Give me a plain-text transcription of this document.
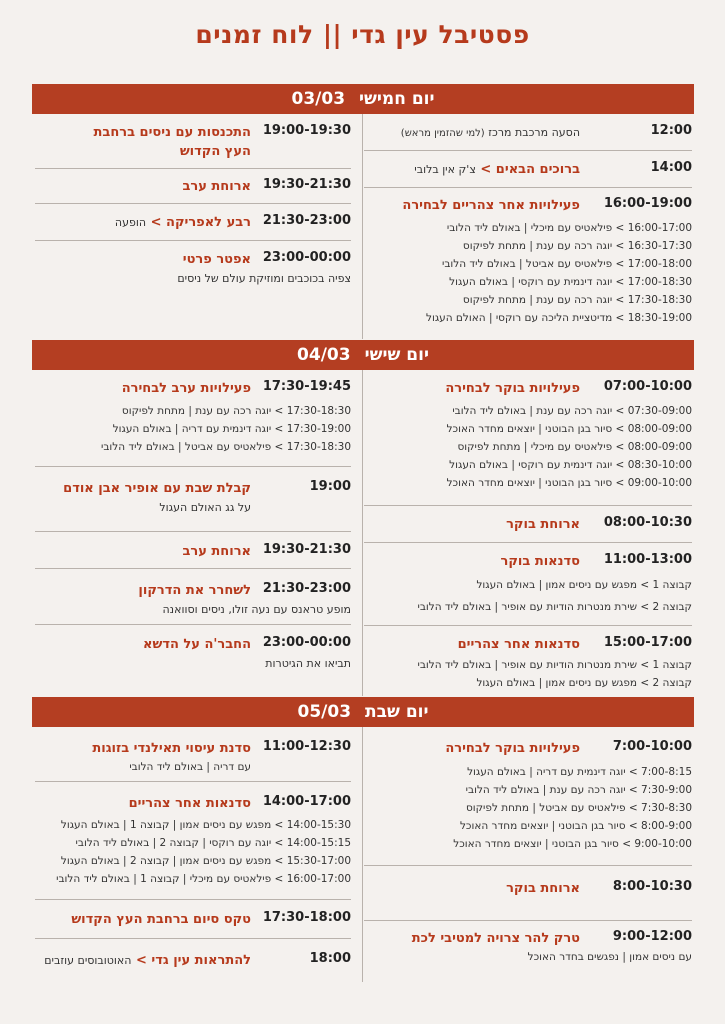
פסטיבל עין גדי || לוח זמנים
יום חמישי
03/03
12:00
הסעה מרכבת מרכז (למי שהזמין מראש)
14:00
ברוכים הבאים > צ'ק אין בלובי
16:00-19:00
פעילויות אחר צהריים לבחירה
16:00-17:00 > פילאטיס עם מיכלי | באולם ליד הלובי
16:30-17:30 > יוגה רכה עם ענת | מתחת לפיקוס
17:00-18:00 > פילאטיס עם אביטל | באולם ליד הלובי
17:00-18:30 > יוגה דינמית עם רוקסי | באולם העגול
17:30-18:30 > יוגה רכה עם ענת | מתחת לפיקוס
18:30-19:00 > מדיטציית הליכה עם רוקסי | האולם העגול
19:00-19:30
התכנסות עם ניסים ברחבת העץ הקדוש
19:30-21:30
ארוחת ערב
21:30-23:00
רבע לאפריקה > הופעה
23:00-00:00
אפטר פרטי
צפיה בכוכבים ומוזיקת עולם של ניסים
יום שישי
04/03
07:00-10:00
פעילויות בוקר לבחירה
07:30-09:00 > יוגה רכה עם ענת | באולם ליד הלובי
08:00-09:00 > סיור בגן הבוטני | יוצאים מחדר האוכל
08:00-09:00 > פילאטיס עם מיכלי | מתחת לפיקוס
08:30-10:00 > יוגה דינמית עם רוקסי | באולם העגול
09:00-10:00 > סיור בגן הבוטני | יוצאים מחדר האוכל
08:00-10:30
ארוחת בוקר
11:00-13:00
סדנאות בוקר
קבוצה 1 > מפגש עם ניסים אמון | באולם העגול
קבוצה 2 > שירת מנטרות הודיות עם אופיר | באולם ליד הלובי
15:00-17:00
סדנאות אחר צהריים
קבוצה 1 > שירת מנטרות הודיות עם אופיר | באולם ליד הלובי
קבוצה 2 > מפגש עם ניסים אמון | באולם העגול
17:30-19:45
פעילויות ערב לבחירה
17:30-18:30 > יוגה רכה עם ענת | מתחת לפיקוס
17:30-19:00 > יוגה דינמית עם דריה | באולם העגול
17:30-18:30 > פילאטיס עם אביטל | באולם ליד הלובי
19:00
קבלת שבת עם אופיר אבן אודם
על גג האולם העגול
19:30-21:30
ארוחת ערב
21:30-23:00
לשחרר את הדרקון
מופע טראנס עם נעה זולו, ניסים וסוואנה
23:00-00:00
החבר'ה על הדשא
תביאו את הגיטרות
יום שבת
05/03
7:00-10:00
פעילויות בוקר לבחירה
7:00-8:15 > יוגה דינמית עם דריה | באולם העגול
7:30-9:00 > יוגה רכה עם ענת | באולם ליד הלובי
7:30-8:30 > פילאטיס עם אביטל | מתחת לפיקוס
8:00-9:00 > סיור בגן הבוטני | יוצאים מחדר האוכל
9:00-10:00 > סיור בגן הבוטני | יוצאים מחדר האוכל
8:00-10:30
ארוחת בוקר
9:00-12:00
טרק להר צרויה למטיבי לכת
עם ניסים אמון | נפגשים בחדר האוכל
11:00-12:30
סדנת עיסוי תאילנדי בזוגות
עם דריה | באולם ליד הלובי
14:00-17:00
סדנאות אחר צהריים
14:00-15:30 > מפגש עם ניסים אמון | קבוצה 1 | באולם העגול
14:00-15:15 > יוגה עם רוקסי | קבוצה 2 | באולם ליד הלובי
15:30-17:00 > מפגש עם ניסים אמון | קבוצה 2 | באולם העגול
16:00-17:00 > פילאטיס עם מיכלי | קבוצה 1 | באולם ליד הלובי
17:30-18:00
טקס סיום ברחבת העץ הקדוש
18:00
להתראות עין גדי > האוטובוסים עוזבים
